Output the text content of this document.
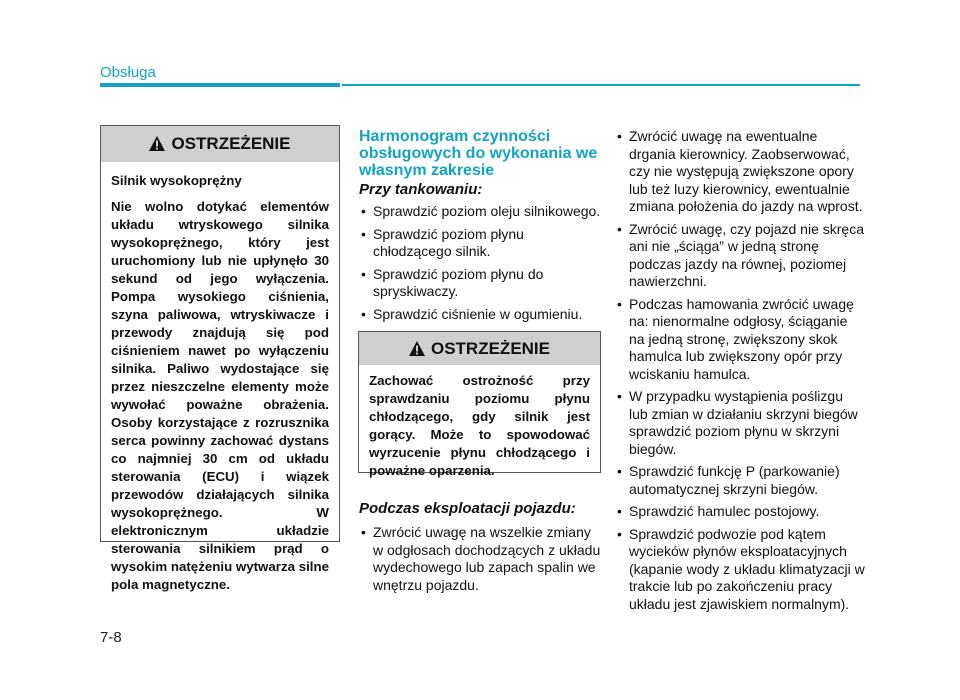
Obsługa
OSTRZEŻENIE

Silnik wysokoprężny

Nie wolno dotykać elementów układu wtryskowego silnika wysokoprężnego, który jest uruchomiony lub nie upłynęło 30 sekund od jego wyłączenia. Pompa wysokiego ciśnienia, szyna paliwowa, wtryskiwacze i przewody znajdują się pod ciśnieniem nawet po wyłączeniu silnika. Paliwo wydostające się przez nieszczelne elementy może wywołać poważne obrażenia. Osoby korzystające z rozrusznika serca powinny zachować dystans co najmniej 30 cm od układu sterowania (ECU) i wiązek przewodów działających silnika wysokoprężnego. W elektronicznym układzie sterowania silnikiem prąd o wysokim natężeniu wytwarza silne pola magnetyczne.

Harmonogram czynności obsługowych do wykonania we własnym zakresie
Przy tankowaniu:
• Sprawdzić poziom oleju silnikowego.
• Sprawdzić poziom płynu chłodzącego silnik.
• Sprawdzić poziom płynu do spryskiwaczy.
• Sprawdzić ciśnienie w ogumieniu.
OSTRZEŻENIE

Zachować ostrożność przy sprawdzaniu poziomu płynu chłodzącego, gdy silnik jest gorący. Może to spowodować wyrzucenie płynu chłodzącego i poważne oparzenia.

Podczas eksploatacji pojazdu:
• Zwrócić uwagę na wszelkie zmiany w odgłosach dochodzących z układu wydechowego lub zapach spalin we wnętrzu pojazdu.
• Zwrócić uwagę na ewentualne drgania kierownicy. Zaobserwować, czy nie występują zwiększone opory lub też luzy kierownicy, ewentualnie zmiana położenia do jazdy na wprost.
• Zwrócić uwagę, czy pojazd nie skręca ani nie „ściąga” w jedną stronę podczas jazdy na równej, poziomej nawierzchni.
• Podczas hamowania zwrócić uwagę na: nienormalne odgłosy, ściąganie na jedną stronę, zwiększony skok hamulca lub zwiększony opór przy wciskaniu hamulca.
• W przypadku wystąpienia poślizgu lub zmian w działaniu skrzyni biegów sprawdzić poziom płynu w skrzyni biegów.
• Sprawdzić funkcję P (parkowanie) automatycznej skrzyni biegów.
• Sprawdzić hamulec postojowy.
• Sprawdzić podwozie pod kątem wycieków płynów eksploatacyjnych (kapanie wody z układu klimatyzacji w trakcie lub po zakończeniu pracy układu jest zjawiskiem normalnym).
7-8
